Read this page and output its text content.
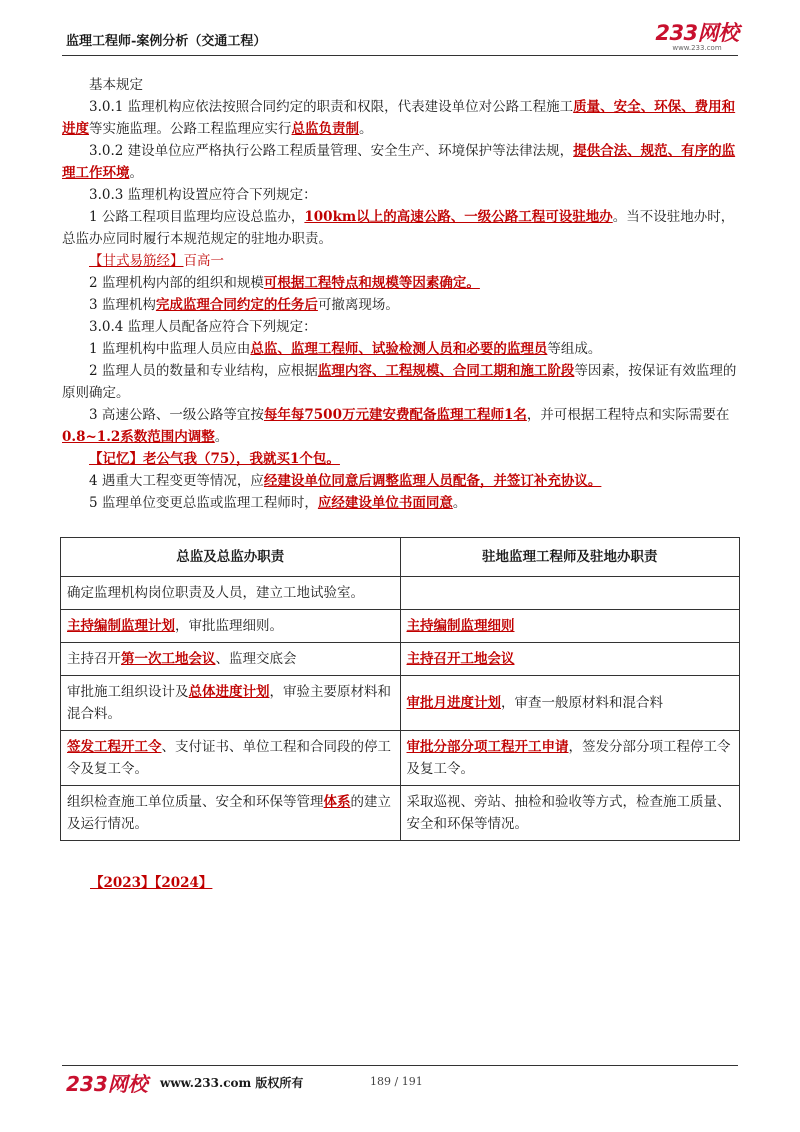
监理工程师-案例分析（交通工程）	233网校
www.233.com

基本规定

3.0.1 监理机构应依法按照合同约定的职责和权限，代表建设单位对公路工程施工质量、安全、环保、费用和进度等实施监理。公路工程监理应实行总监负责制。

3.0.2 建设单位应严格执行公路工程质量管理、安全生产、环境保护等法律法规，提供合法、规范、有序的监理工作环境。

3.0.3 监理机构设置应符合下列规定：

1 公路工程项目监理均应设总监办，100km以上的高速公路、一级公路工程可设驻地办。当不设驻地办时，总监办应同时履行本规范规定的驻地办职责。

【甘式易筋经】百高一

2 监理机构内部的组织和规模可根据工程特点和规模等因素确定。

3 监理机构完成监理合同约定的任务后可撤离现场。

3.0.4 监理人员配备应符合下列规定：

1 监理机构中监理人员应由总监、监理工程师、试验检测人员和必要的监理员等组成。

2 监理人员的数量和专业结构，应根据监理内容、工程规模、合同工期和施工阶段等因素，按保证有效监理的原则确定。

3 高速公路、一级公路等宜按每年每7500万元建安费配备监理工程师1名，并可根据工程特点和实际需要在0.8~1.2系数范围内调整。

【记忆】老公气我（75），我就买1个包。

4 遇重大工程变更等情况，应经建设单位同意后调整监理人员配备，并签订补充协议。

5 监理单位变更总监或监理工程师时，应经建设单位书面同意。

总监及总监办职责	驻地监理工程师及驻地办职责
确定监理机构岗位职责及人员，建立工地试验室。	
主持编制监理计划，审批监理细则。	主持编制监理细则
主持召开第一次工地会议、监理交底会	主持召开工地会议
审批施工组织设计及总体进度计划，审验主要原材料和混合料。	审批月进度计划，审查一般原材料和混合料
签发工程开工令、支付证书、单位工程和合同段的停工令及复工令。	审批分部分项工程开工申请，签发分部分项工程停工令及复工令。
组织检查施工单位质量、安全和环保等管理体系的建立及运行情况。	采取巡视、旁站、抽检和验收等方式，检查施工质量、安全和环保等情况。
【2023】【2024】
233网校 www.233.com 版权所有	189 / 191
